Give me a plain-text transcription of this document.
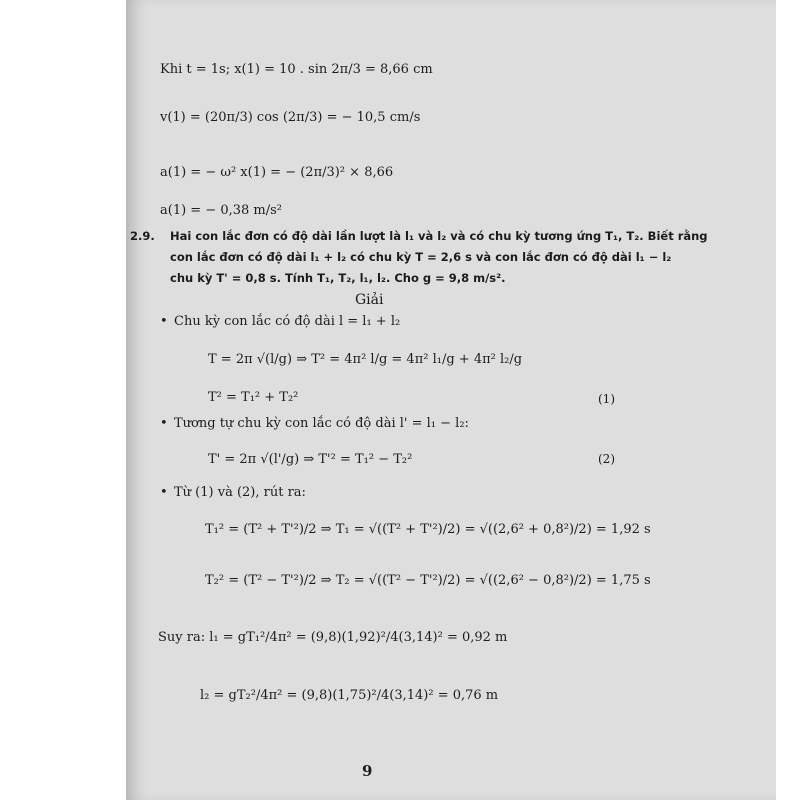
Khi t = 1s; x(1) = 10 . sin 2π/3 = 8,66 cm
v(1) = (20π/3) cos (2π/3) = − 10,5 cm/s
a(1) = − ω² x(1) = − (2π/3)² × 8,66
a(1) = − 0,38 m/s²
2.9. Hai con lắc đơn có độ dài lần lượt là l₁ và l₂ và có chu kỳ tương ứng T₁, T₂. Biết rằng
con lắc đơn có độ dài l₁ + l₂ có chu kỳ T = 2,6 s và con lắc đơn có độ dài l₁ − l₂
chu kỳ T' = 0,8 s. Tính T₁, T₂, l₁, l₂. Cho g = 9,8 m/s².
Giải
• Chu kỳ con lắc có độ dài l = l₁ + l₂
T = 2π √(l/g) ⇒ T² = 4π² l/g = 4π² l₁/g + 4π² l₂/g
T² = T₁² + T₂²	(1)
• Tương tự chu kỳ con lắc có độ dài l' = l₁ − l₂:
T' = 2π √(l'/g) ⇒ T'² = T₁² − T₂²	(2)
• Từ (1) và (2), rút ra:
T₁² = (T² + T'²)/2 ⇒ T₁ = √((T² + T'²)/2) = √((2,6² + 0,8²)/2) = 1,92 s
T₂² = (T² − T'²)/2 ⇒ T₂ = √((T² − T'²)/2) = √((2,6² − 0,8²)/2) = 1,75 s
Suy ra: l₁ = gT₁²/4π² = (9,8)(1,92)²/4(3,14)² = 0,92 m
l₂ = gT₂²/4π² = (9,8)(1,75)²/4(3,14)² = 0,76 m
9
